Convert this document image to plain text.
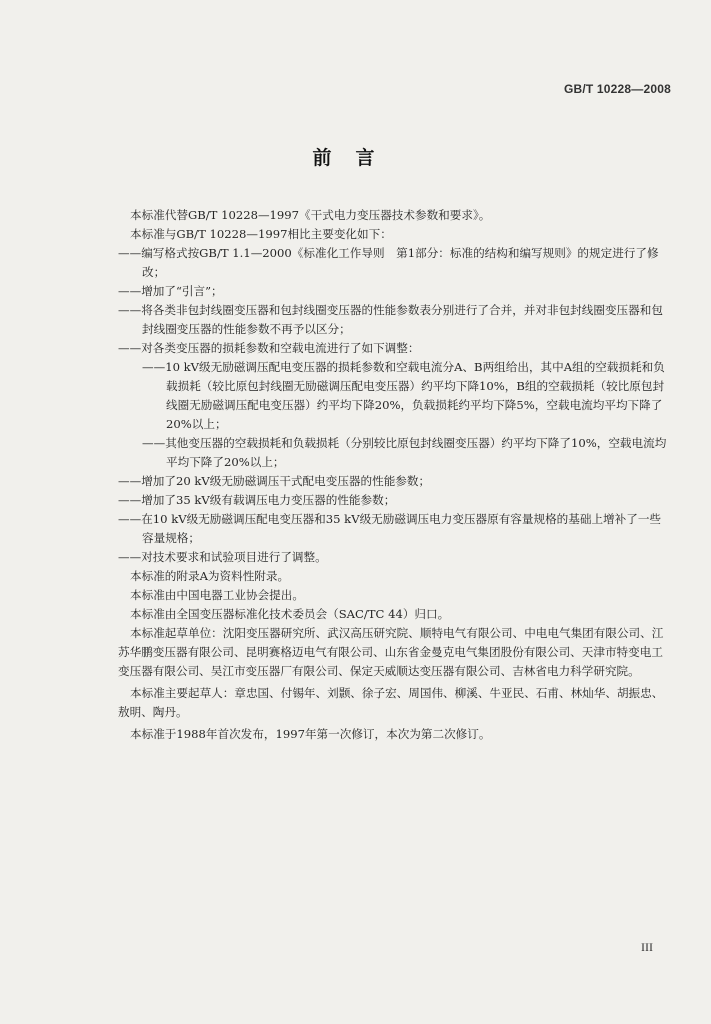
GB/T 10228—2008
前言

本标准代替GB/T 10228—1997《干式电力变压器技术参数和要求》。

本标准与GB/T 10228—1997相比主要变化如下：

——编写格式按GB/T 1.1—2000《标准化工作导则　第1部分：标准的结构和编写规则》的规定进行了修改；

——增加了“引言”；

——将各类非包封线圈变压器和包封线圈变压器的性能参数表分别进行了合并，并对非包封线圈变压器和包封线圈变压器的性能参数不再予以区分；

——对各类变压器的损耗参数和空载电流进行了如下调整：

——10 kV级无励磁调压配电变压器的损耗参数和空载电流分A、B两组给出，其中A组的空载损耗和负载损耗（较比原包封线圈无励磁调压配电变压器）约平均下降10%，B组的空载损耗（较比原包封线圈无励磁调压配电变压器）约平均下降20%，负载损耗约平均下降5%，空载电流均平均下降了20%以上；

——其他变压器的空载损耗和负载损耗（分别较比原包封线圈变压器）约平均下降了10%，空载电流均平均下降了20%以上；

——增加了20 kV级无励磁调压干式配电变压器的性能参数；

——增加了35 kV级有载调压电力变压器的性能参数；

——在10 kV级无励磁调压配电变压器和35 kV级无励磁调压电力变压器原有容量规格的基础上增补了一些容量规格；

——对技术要求和试验项目进行了调整。

本标准的附录A为资料性附录。

本标准由中国电器工业协会提出。

本标准由全国变压器标准化技术委员会（SAC/TC 44）归口。

本标准起草单位：沈阳变压器研究所、武汉高压研究院、顺特电气有限公司、中电电气集团有限公司、江苏华鹏变压器有限公司、昆明赛格迈电气有限公司、山东省金曼克电气集团股份有限公司、天津市特变电工变压器有限公司、吴江市变压器厂有限公司、保定天威顺达变压器有限公司、吉林省电力科学研究院。

本标准主要起草人：章忠国、付锡年、刘颢、徐子宏、周国伟、柳溪、牛亚民、石甫、林灿华、胡振忠、敖明、陶丹。

本标准于1988年首次发布，1997年第一次修订，本次为第二次修订。

III
